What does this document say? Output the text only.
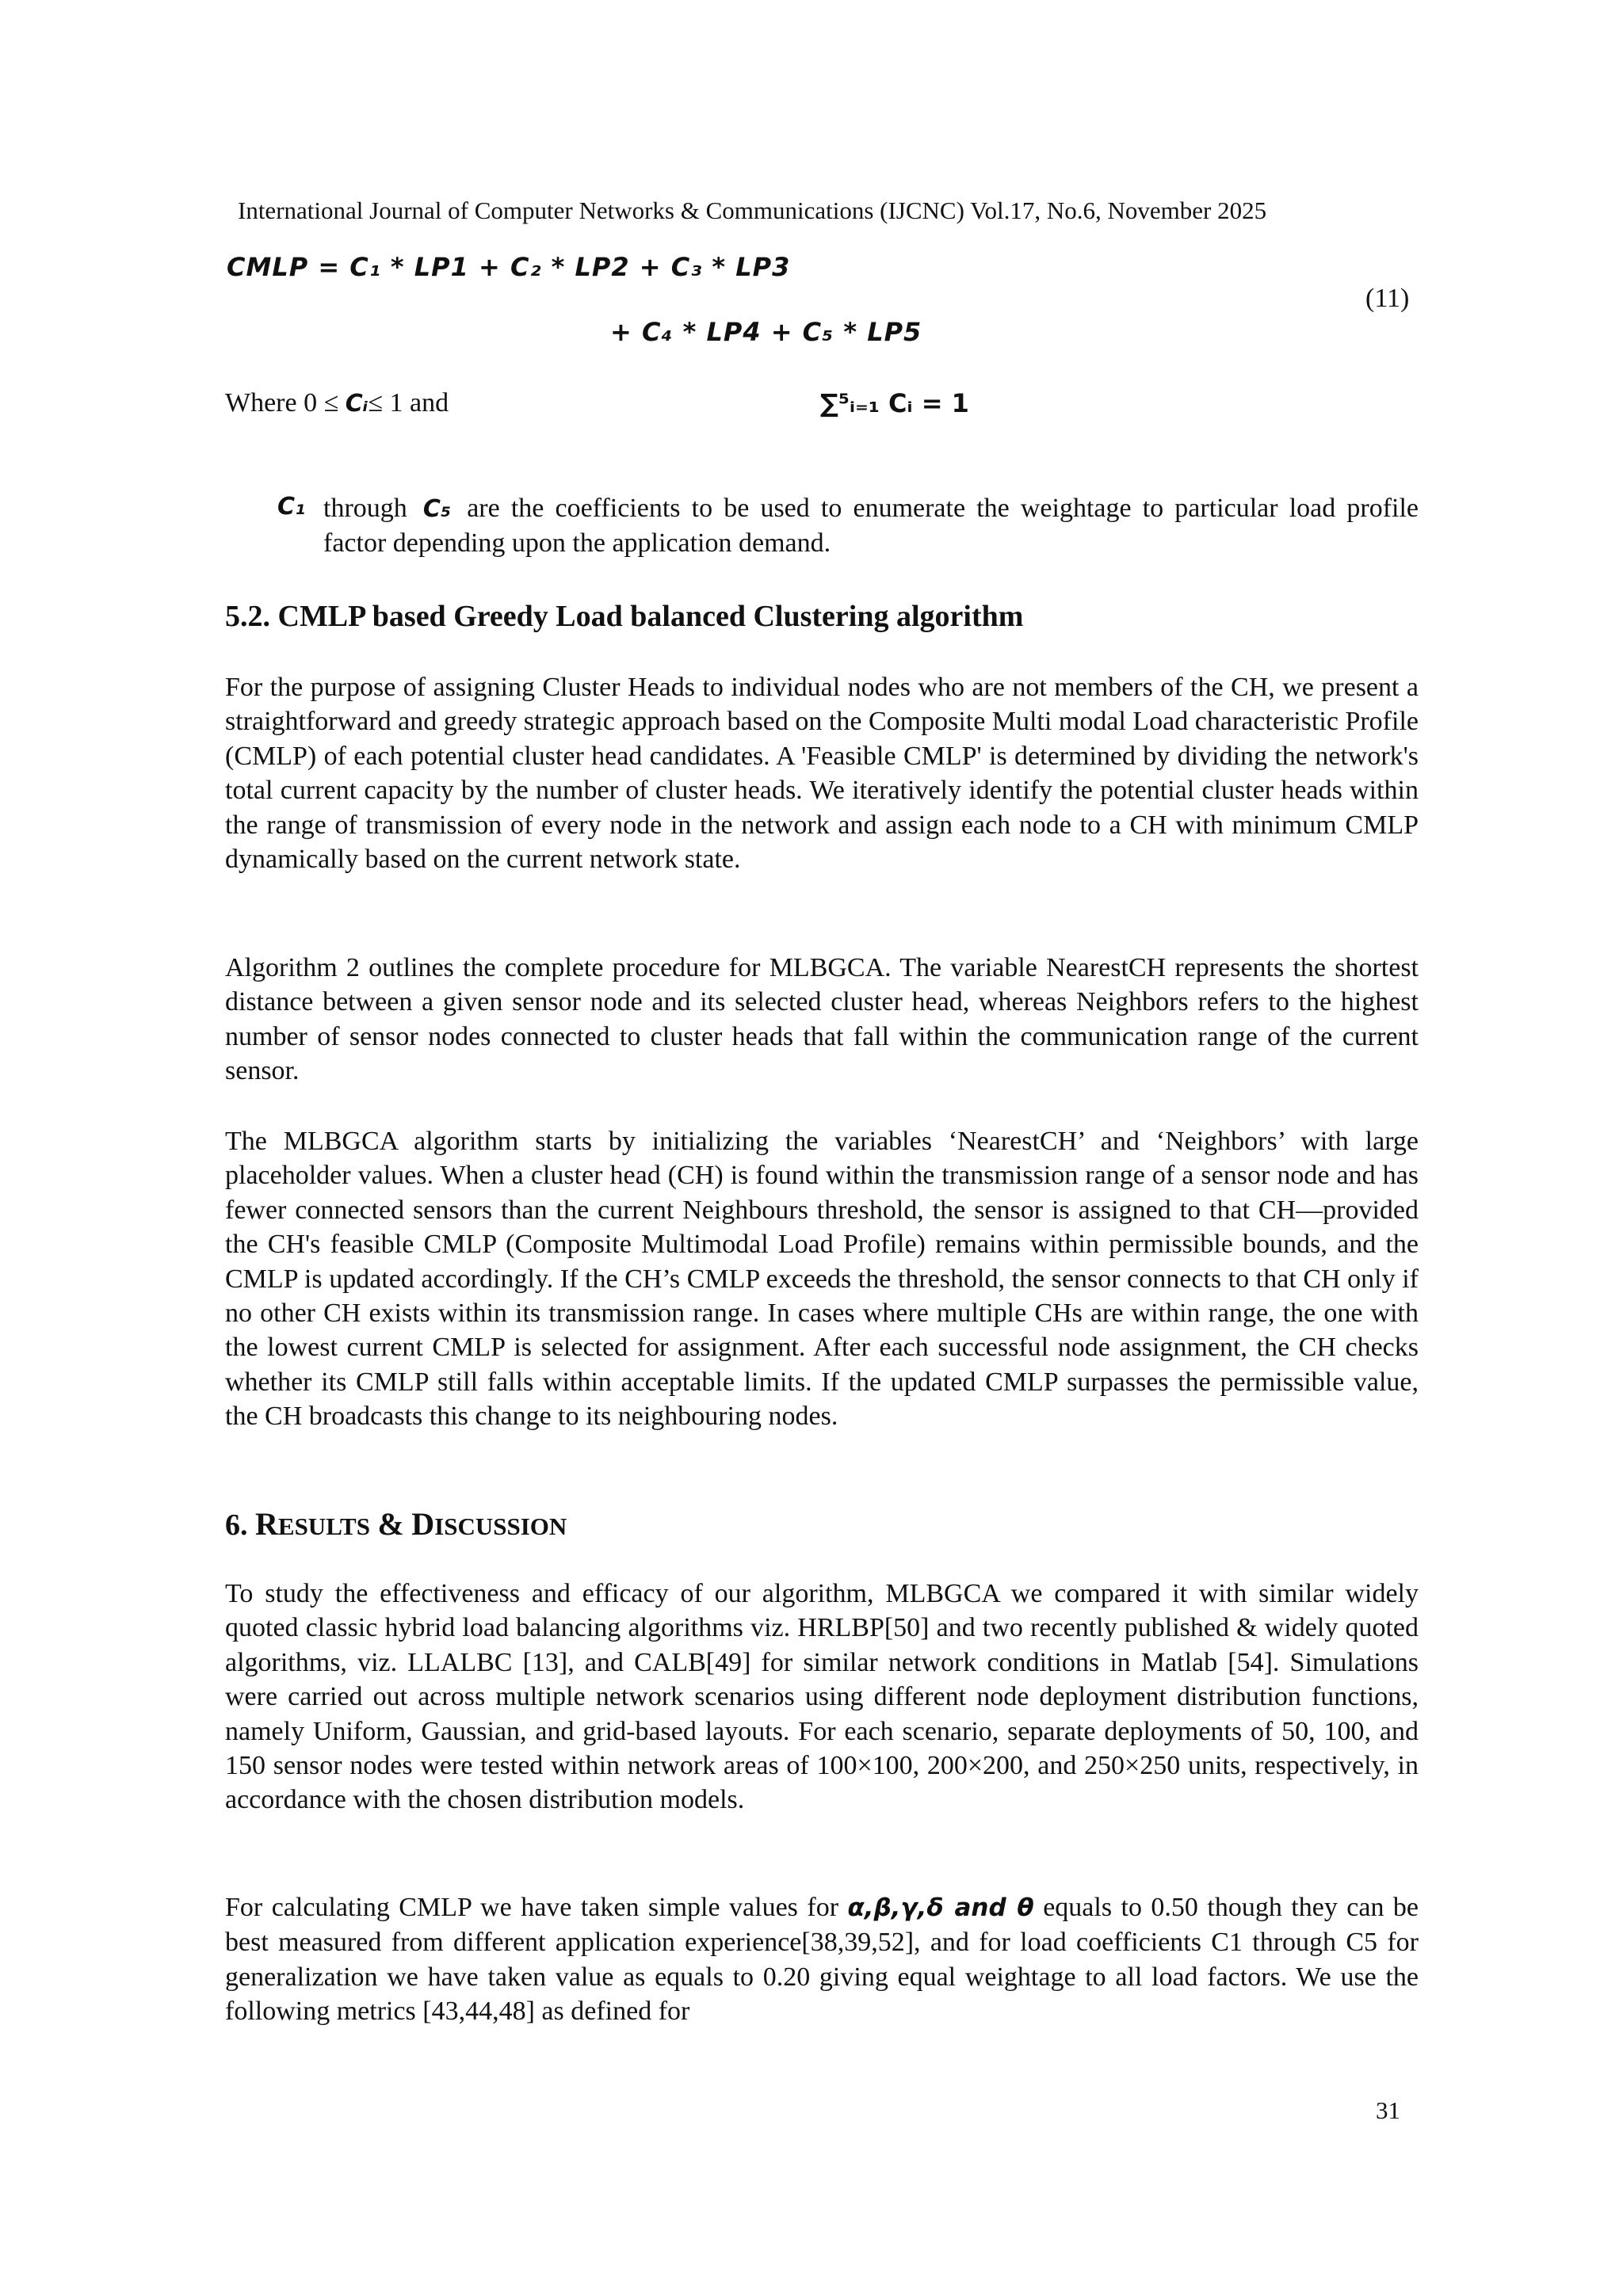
International Journal of Computer Networks & Communications (IJCNC) Vol.17, No.6, November 2025
CMLP = C₁ * LP1 + C₂ * LP2 + C₃ * LP3
+ C₄ * LP4 + C₅ * LP5
(11)
Where 0 ≤ Cᵢ≤ 1 and	∑⁵ᵢ₌₁ Cᵢ = 1
C₁ through C₅ are the coefficients to be used to enumerate the weightage to particular load profile factor depending upon the application demand.

5.2. CMLP based Greedy Load balanced Clustering algorithm

For the purpose of assigning Cluster Heads to individual nodes who are not members of the CH, we present a straightforward and greedy strategic approach based on the Composite Multi modal Load characteristic Profile (CMLP) of each potential cluster head candidates. A 'Feasible CMLP' is determined by dividing the network's total current capacity by the number of cluster heads. We iteratively identify the potential cluster heads within the range of transmission of every node in the network and assign each node to a CH with minimum CMLP dynamically based on the current network state.

Algorithm 2 outlines the complete procedure for MLBGCA. The variable NearestCH represents the shortest distance between a given sensor node and its selected cluster head, whereas Neighbors refers to the highest number of sensor nodes connected to cluster heads that fall within the communication range of the current sensor.

The MLBGCA algorithm starts by initializing the variables ‘NearestCH’ and ‘Neighbors’ with large placeholder values. When a cluster head (CH) is found within the transmission range of a sensor node and has fewer connected sensors than the current Neighbours threshold, the sensor is assigned to that CH—provided the CH's feasible CMLP (Composite Multimodal Load Profile) remains within permissible bounds, and the CMLP is updated accordingly. If the CH’s CMLP exceeds the threshold, the sensor connects to that CH only if no other CH exists within its transmission range. In cases where multiple CHs are within range, the one with the lowest current CMLP is selected for assignment. After each successful node assignment, the CH checks whether its CMLP still falls within acceptable limits. If the updated CMLP surpasses the permissible value, the CH broadcasts this change to its neighbouring nodes.

6. RESULTS & DISCUSSION

To study the effectiveness and efficacy of our algorithm, MLBGCA we compared it with similar widely quoted classic hybrid load balancing algorithms viz. HRLBP[50] and two recently published & widely quoted algorithms, viz. LLALBC [13], and CALB[49] for similar network conditions in Matlab [54]. Simulations were carried out across multiple network scenarios using different node deployment distribution functions, namely Uniform, Gaussian, and grid-based layouts. For each scenario, separate deployments of 50, 100, and 150 sensor nodes were tested within network areas of 100×100, 200×200, and 250×250 units, respectively, in accordance with the chosen distribution models.

For calculating CMLP we have taken simple values for α,β,γ,δ and θ equals to 0.50 though they can be best measured from different application experience[38,39,52], and for load coefficients C1 through C5 for generalization we have taken value as equals to 0.20 giving equal weightage to all load factors. We use the following metrics [43,44,48] as defined for

31
